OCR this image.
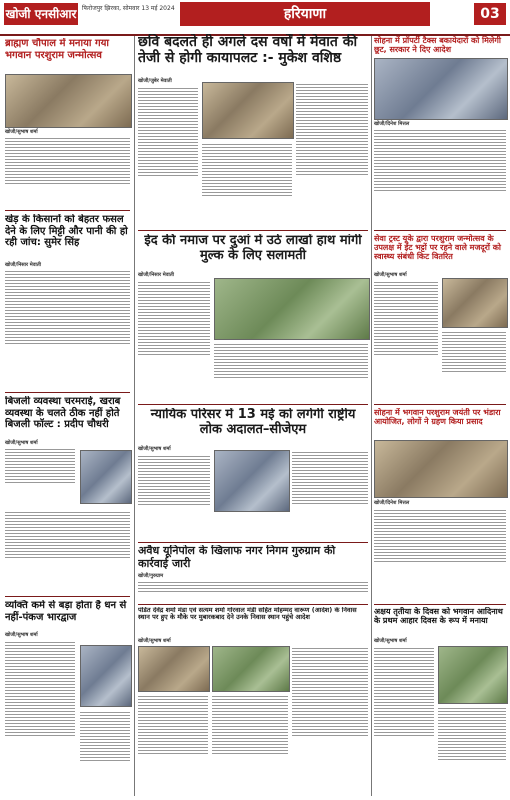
खोजी एनसीआर फिरोजपुर झिरका, सोमवार 13 मई 2024	हरियाणा	03
ब्राह्मण चौपाल में मनाया गया भगवान परशुराम जन्मोत्सव
खोजी/सुभाष शर्मा
छवि बदलते ही अगले दस वर्षों में मेवात की तेजी से होगी कायापलट :- मुकेश वशिष्ठ
खोजी/जुबेर मेवाती
सोहना में प्रॉपर्टी टैक्स बकायेदारों को मिलेगी छूट, सरकार ने दिए आदेश
खोजी/दिनेश मित्तल
खेड़ के किसानों को बेहतर फसल देने के लिए मिट्टी और पानी की हो रही जांच: सुमेर सिंह
खोजी/निसार मेवाती
ईद की नमाज पर दुआं में उठे लाखों हाथ मांगी मुल्क के लिए सलामती
खोजी/निसार मेवाती
सेवा ट्रस्ट यूके द्वारा परशुराम जन्मोत्सव के उपलक्ष में ईंट भट्टों पर रहने वाले मजदूरों को स्वास्थ्य संबंधी किट वितरित
खोजी/सुभाष शर्मा
बिजली व्यवस्था चरमराई, खराब व्यवस्था के चलते ठीक नहीं होते बिजली फॉल्ट : प्रदीप चौधरी
खोजी/सुभाष शर्मा
न्यायिक परिसर में 13 मई को लगेगी राष्ट्रीय लोक अदालत–सीजेएम
खोजी/सुभाष शर्मा
सोहना में भगवान परशुराम जयंती पर भंडारा आयोजित, लोगों ने ग्रहण किया प्रसाद
खोजी/दिनेश मित्तल
अवैध यूनिपोल के खिलाफ नगर निगम गुरुग्राम की कार्रवाई जारी
खोजी/गुरुग्राम
व्यक्ति कर्म से बड़ा होता है धन से नहीं-पंकज भारद्वाज
खोजी/सुभाष शर्मा
पंडित देवेंद्र शर्मा मंडा एवं सत्यम शर्मा गोरवाल मंडी सहित मोहम्मद वारूण (आदेश) के निवास स्थान पर हुए के मौके पर मुबारकबाद देने उनके निवास स्थान पहुंचे आदेश
खोजी/सुभाष शर्मा
अक्षय तृतीया के दिवस को भगवान आदिनाथ के प्रथम आहार दिवस के रूप में मनाया
खोजी/सुभाष शर्मा
